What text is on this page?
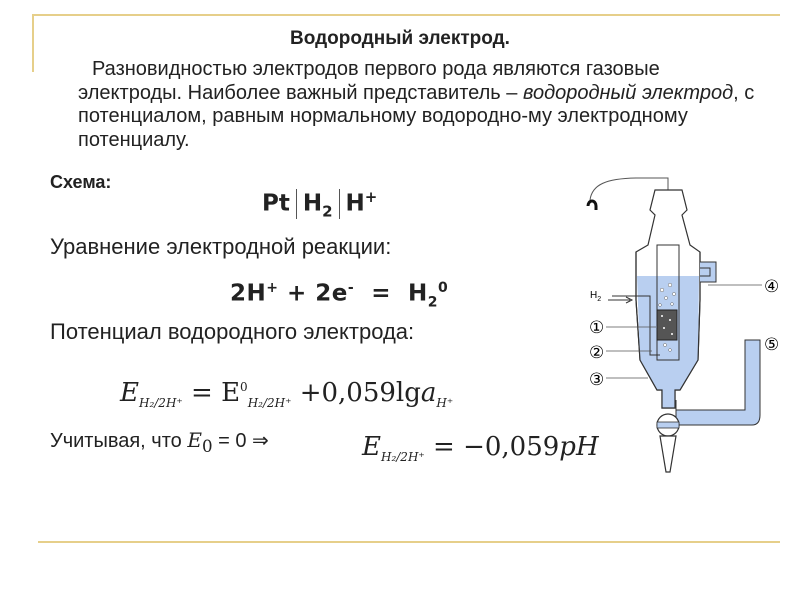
Водородный электрод.

Разновидностью электродов первого рода являются газовые электроды. Наиболее важный представитель – водородный электрод, с потенциалом, равным нормальному водородно-му электродному потенциалу.

Схема:
Pt $H_2$ H+
Уравнение электродной реакции:
$2H^+ + 2e^- = H_2^0$
Потенциал водородного электрода:
$E_{H_2/2H^+} = E^0_{H_2/2H^+} +0,059\lg a_{H^+}$
Учитывая, что $E_0 = 0$ ⇒	$E_{H_2/2H^+} = -0,059pH$
$H_2$
①
②
③
④
⑤
